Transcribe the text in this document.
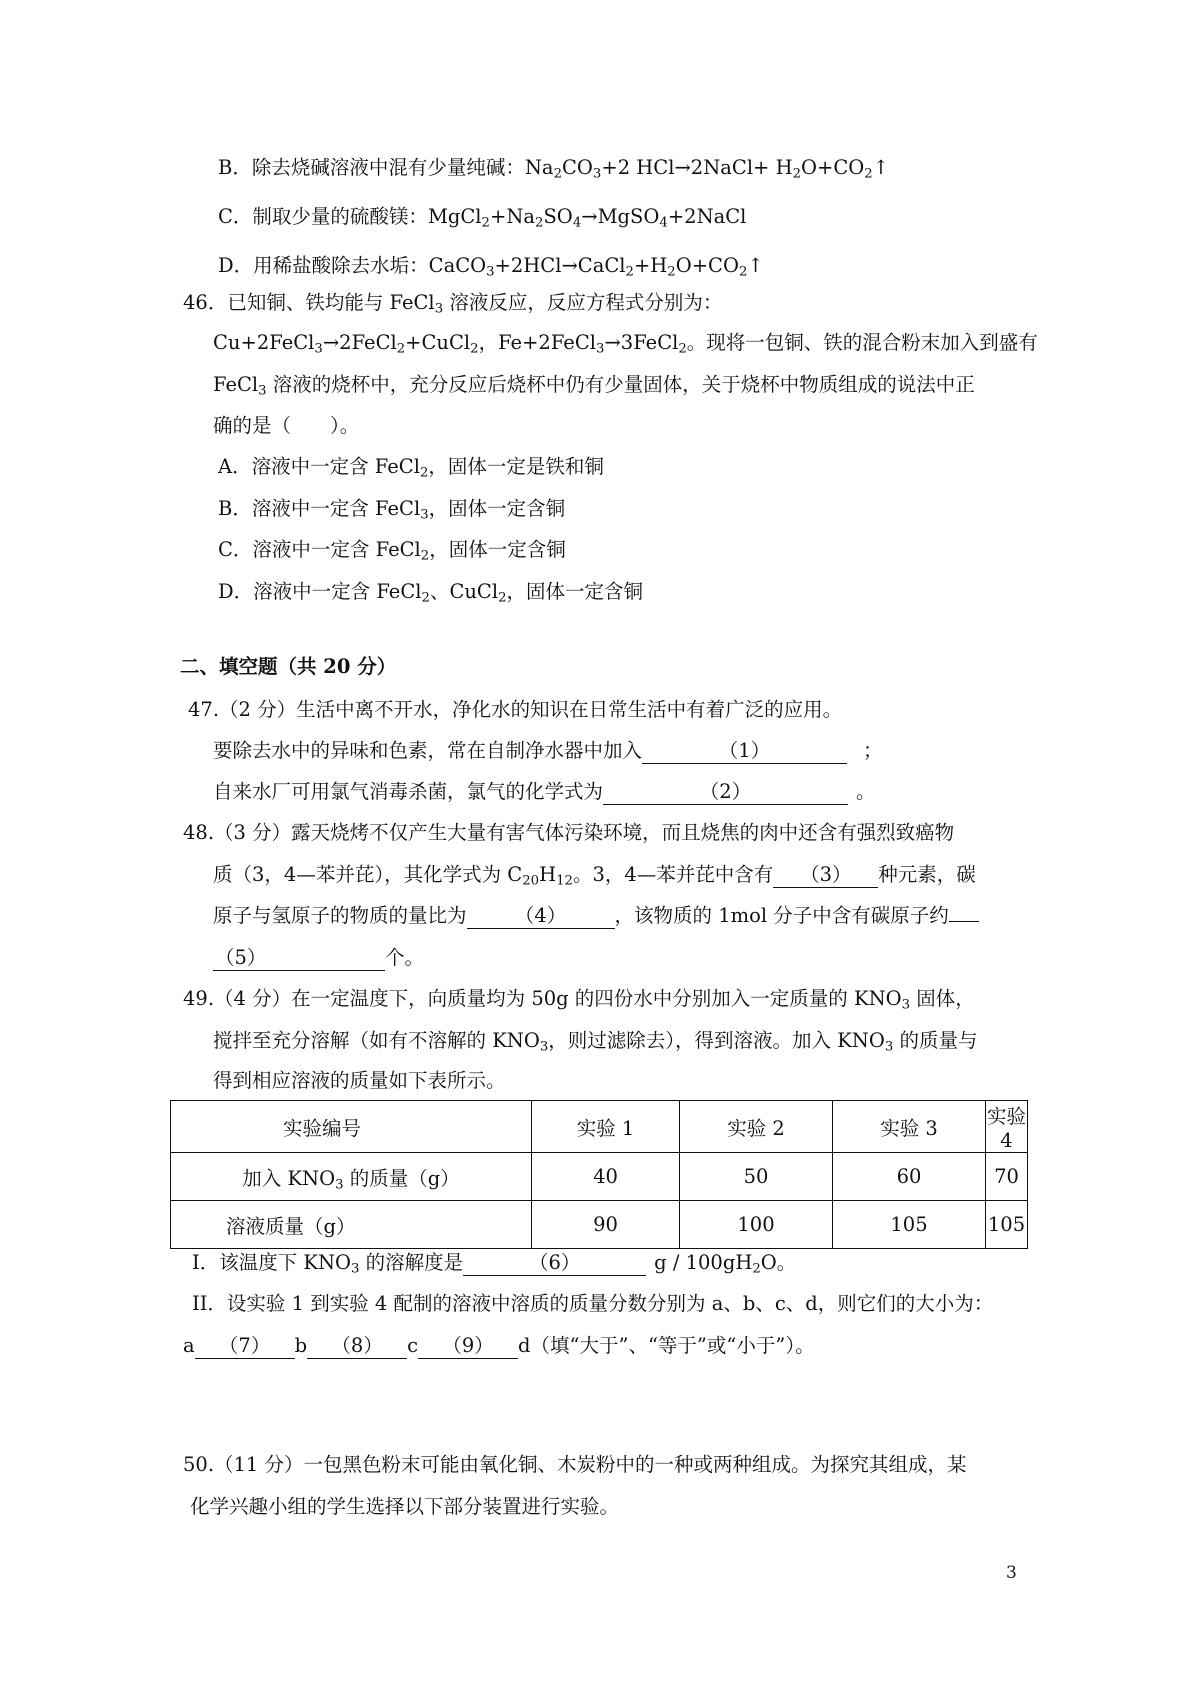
B．除去烧碱溶液中混有少量纯碱：$Na_2CO_3+2$ HCl→2NaCl+ $H_2O+CO_2↑$
C．制取少量的硫酸镁：$MgCl_2+Na_2SO_4\to MgSO_4+2NaCl$
D．用稀盐酸除去水垢：$CaCO_3+2HCl\to CaCl_2+H_2O+CO_2↑$
46．已知铜、铁均能与 FeCl$_3$ 溶液反应，反应方程式分别为：
Cu+2FeCl$_3$→2FeCl$_2$+CuCl$_2$，Fe+2FeCl$_3$→3FeCl$_2$。现将一包铜、铁的混合粉末加入到盛有
FeCl$_3$ 溶液的烧杯中，充分反应后烧杯中仍有少量固体，关于烧杯中物质组成的说法中正
确的是（　　）。
A．溶液中一定含 FeCl$_2$，固体一定是铁和铜
B．溶液中一定含 FeCl$_3$，固体一定含铜
C．溶液中一定含 FeCl$_2$，固体一定含铜
D．溶液中一定含 FeCl$_2$、CuCl$_2$，固体一定含铜
二、填空题（共 20 分）
47.（2 分）生活中离不开水，净化水的知识在日常生活中有着广泛的应用。
要除去水中的异味和色素，常在自制净水器中加入	（1）	；
自来水厂可用氯气消毒杀菌，氯气的化学式为	（2）	。
48.（3 分）露天烧烤不仅产生大量有害气体污染环境，而且烧焦的肉中还含有强烈致癌物
质（3，4—苯并芘），其化学式为 $C_{20}H_{12}$。3，4—苯并芘中含有 （3） 种元素，碳
原子与氢原子的物质的量比为 （4） ，该物质的 1mol 分子中含有碳原子约
（5）	个。
49.（4 分）在一定温度下，向质量均为 50g 的四份水中分别加入一定质量的 $KNO_3$ 固体，
搅拌至充分溶解（如有不溶解的 $KNO_3$，则过滤除去），得到溶液。加入 $KNO_3$ 的质量与
得到相应溶液的质量如下表所示。
实验编号	实验 1	实验 2	实验 3	实验 4
加入 $KNO_3$ 的质量（g）	40	50	60	70
溶液质量（g）	90	100	105	105
I．该温度下 $KNO_3$ 的溶解度是	（6）	g / $100gH_2O$。
II．设实验 1 到实验 4 配制的溶液中溶质的质量分数分别为 a、b、c、d，则它们的大小为：
a （7） b （8） c （9） d（填“大于”、“等于”或“小于”）。
50.（11 分）一包黑色粉末可能由氧化铜、木炭粉中的一种或两种组成。为探究其组成，某
化学兴趣小组的学生选择以下部分装置进行实验。
3
